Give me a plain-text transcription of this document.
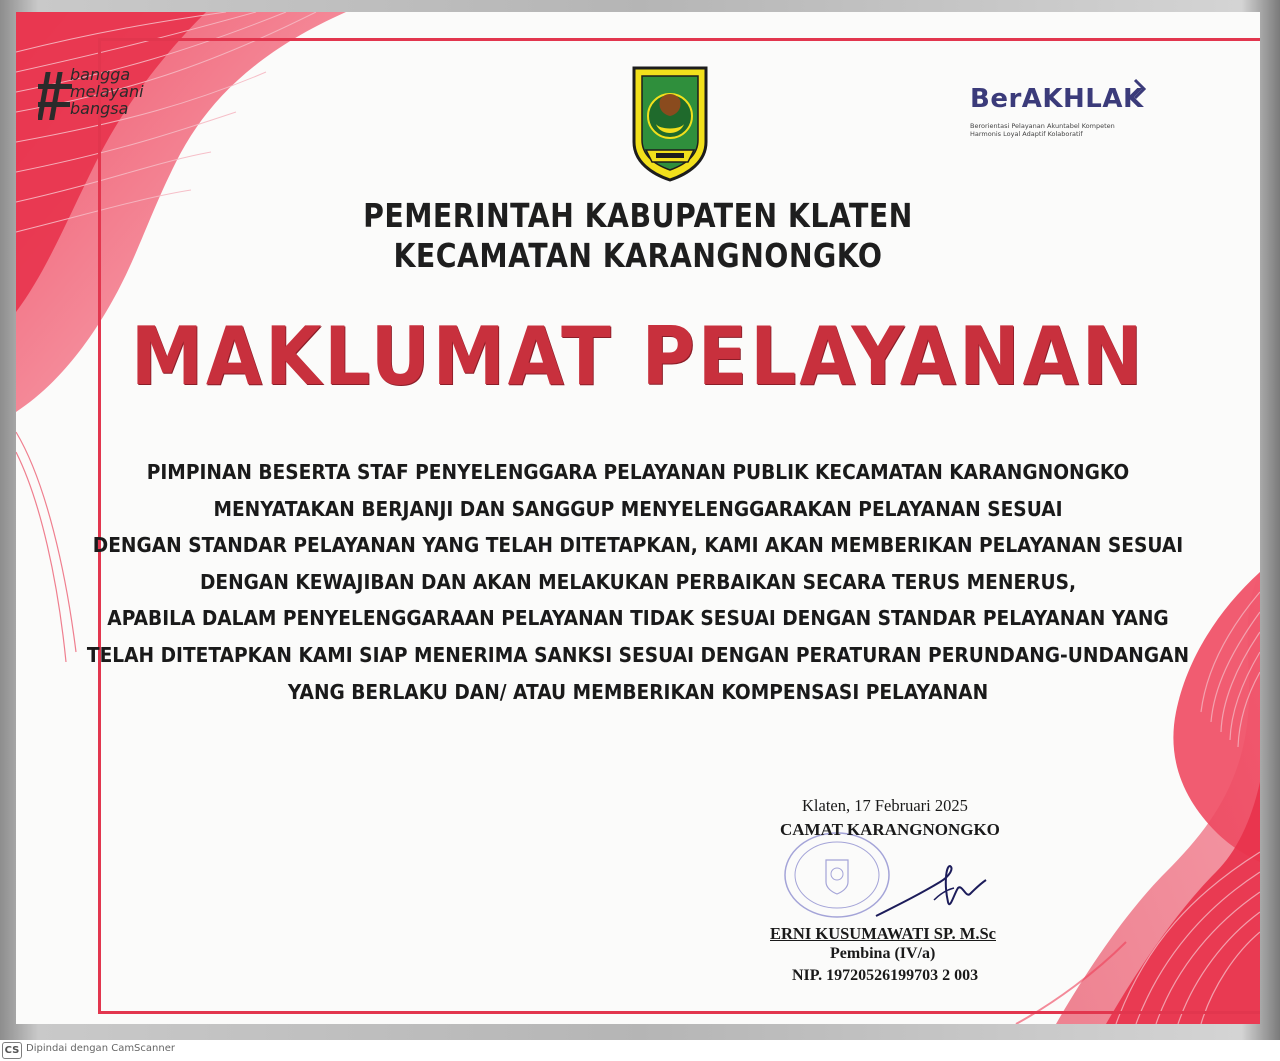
bangga
melayani
bangsa	BerAKHLAK
Berorientasi Pelayanan Akuntabel Kompeten
Harmonis Loyal Adaptif Kolaboratif
PEMERINTAH KABUPATEN KLATEN
KECAMATAN KARANGNONGKO
MAKLUMAT PELAYANAN
PIMPINAN BESERTA STAF PENYELENGGARA PELAYANAN PUBLIK KECAMATAN KARANGNONGKO
MENYATAKAN BERJANJI DAN SANGGUP MENYELENGGARAKAN PELAYANAN SESUAI
DENGAN STANDAR PELAYANAN YANG TELAH DITETAPKAN, KAMI AKAN MEMBERIKAN PELAYANAN SESUAI
DENGAN KEWAJIBAN DAN AKAN MELAKUKAN PERBAIKAN SECARA TERUS MENERUS,
APABILA DALAM PENYELENGGARAAN PELAYANAN TIDAK SESUAI DENGAN STANDAR PELAYANAN YANG
TELAH DITETAPKAN KAMI SIAP MENERIMA SANKSI SESUAI DENGAN PERATURAN PERUNDANG-UNDANGAN
YANG BERLAKU DAN/ ATAU MEMBERIKAN KOMPENSASI PELAYANAN
Klaten, 17 Februari 2025
CAMAT KARANGNONGKO
ERNI KUSUMAWATI SP. M.Sc
Pembina (IV/a)
NIP. 19720526199703 2 003
CS Dipindai dengan CamScanner
